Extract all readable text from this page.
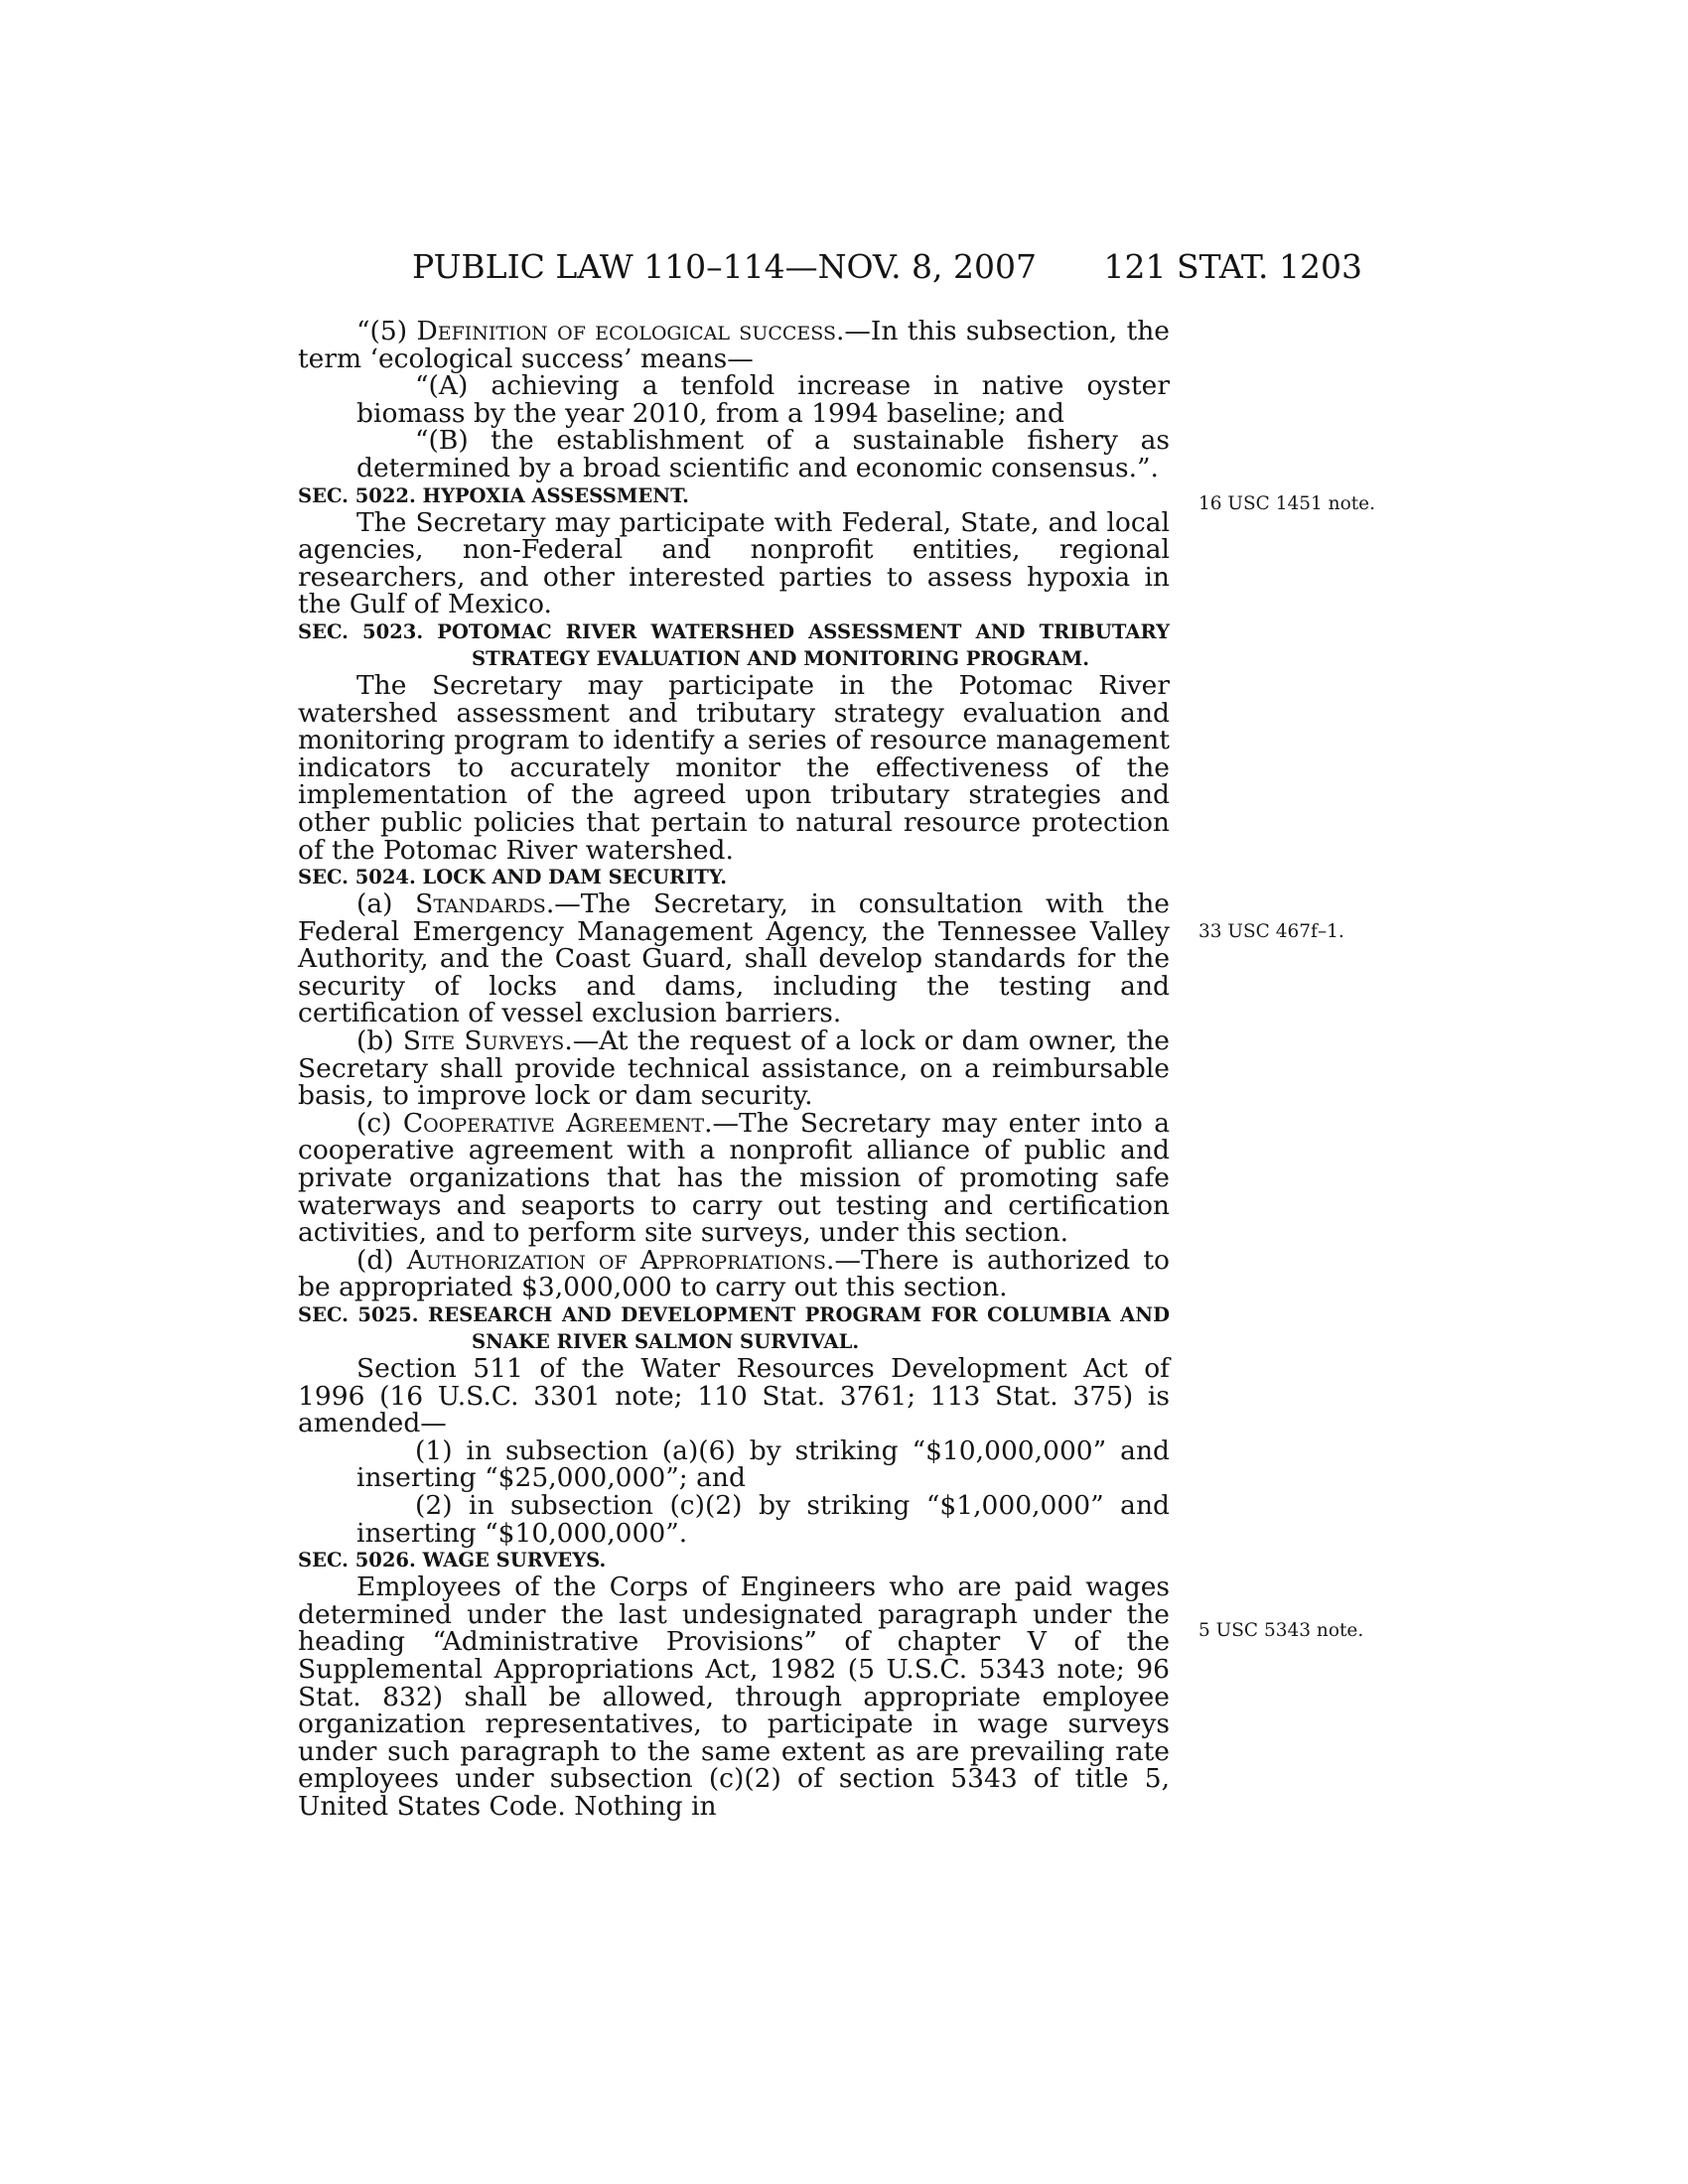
PUBLIC LAW 110–114—NOV. 8, 2007 121 STAT. 1203

“(5) Definition of ecological success.—In this subsection, the term ‘ecological success’ means—

“(A) achieving a tenfold increase in native oyster biomass by the year 2010, from a 1994 baseline; and

“(B) the establishment of a sustainable fishery as determined by a broad scientific and economic consensus.”.

SEC. 5022. HYPOXIA ASSESSMENT.

The Secretary may participate with Federal, State, and local agencies, non-Federal and nonprofit entities, regional researchers, and other interested parties to assess hypoxia in the Gulf of Mexico.

SEC. 5023. POTOMAC RIVER WATERSHED ASSESSMENT AND TRIBUTARY STRATEGY EVALUATION AND MONITORING PROGRAM.

The Secretary may participate in the Potomac River watershed assessment and tributary strategy evaluation and monitoring program to identify a series of resource management indicators to accurately monitor the effectiveness of the implementation of the agreed upon tributary strategies and other public policies that pertain to natural resource protection of the Potomac River watershed.

SEC. 5024. LOCK AND DAM SECURITY.

(a) Standards.—The Secretary, in consultation with the Federal Emergency Management Agency, the Tennessee Valley Authority, and the Coast Guard, shall develop standards for the security of locks and dams, including the testing and certification of vessel exclusion barriers.

(b) Site Surveys.—At the request of a lock or dam owner, the Secretary shall provide technical assistance, on a reimbursable basis, to improve lock or dam security.

(c) Cooperative Agreement.—The Secretary may enter into a cooperative agreement with a nonprofit alliance of public and private organizations that has the mission of promoting safe waterways and seaports to carry out testing and certification activities, and to perform site surveys, under this section.

(d) Authorization of Appropriations.—There is authorized to be appropriated $3,000,000 to carry out this section.

SEC. 5025. RESEARCH AND DEVELOPMENT PROGRAM FOR COLUMBIA AND SNAKE RIVER SALMON SURVIVAL.

Section 511 of the Water Resources Development Act of 1996 (16 U.S.C. 3301 note; 110 Stat. 3761; 113 Stat. 375) is amended—

(1) in subsection (a)(6) by striking “$10,000,000” and inserting “$25,000,000”; and

(2) in subsection (c)(2) by striking “$1,000,000” and inserting “$10,000,000”.

SEC. 5026. WAGE SURVEYS.

Employees of the Corps of Engineers who are paid wages determined under the last undesignated paragraph under the heading “Administrative Provisions” of chapter V of the Supplemental Appropriations Act, 1982 (5 U.S.C. 5343 note; 96 Stat. 832) shall be allowed, through appropriate employee organization representatives, to participate in wage surveys under such paragraph to the same extent as are prevailing rate employees under subsection (c)(2) of section 5343 of title 5, United States Code. Nothing in

16 USC 1451 note.
33 USC 467f–1.
5 USC 5343 note.
